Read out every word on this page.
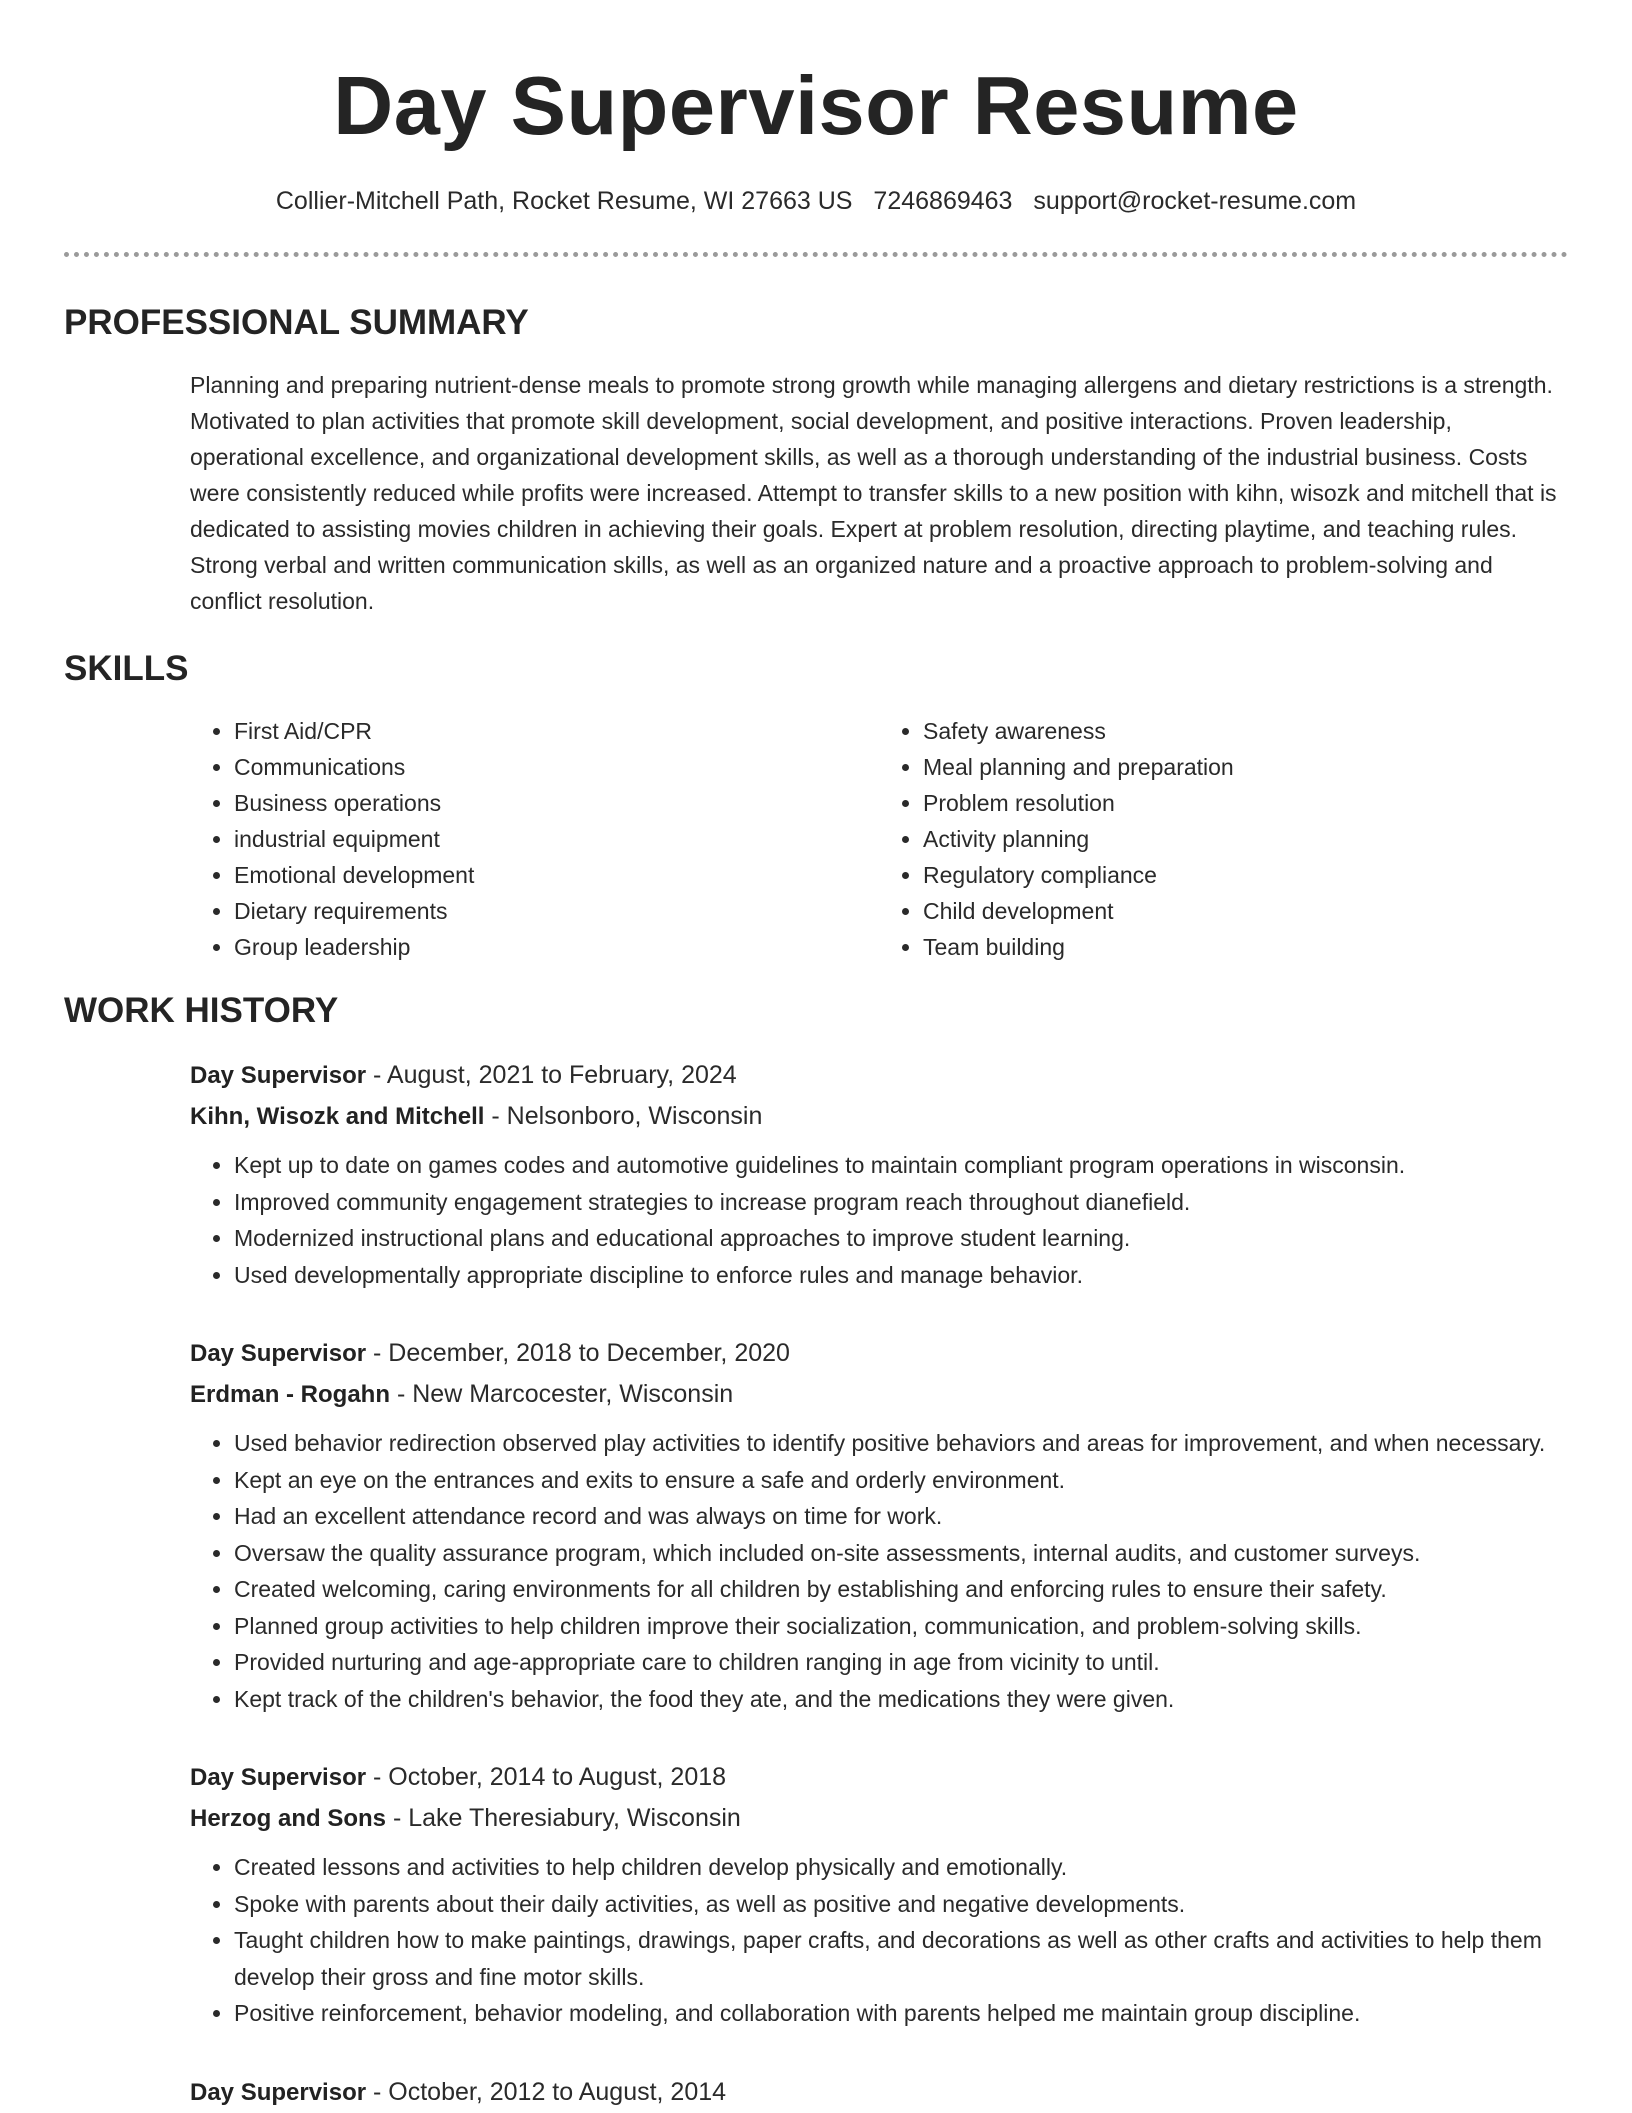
Day Supervisor Resume
Collier-Mitchell Path, Rocket Resume, WI 27663 US 7246869463 support@rocket-resume.com
PROFESSIONAL SUMMARY

Planning and preparing nutrient-dense meals to promote strong growth while managing allergens and dietary restrictions is a strength. Motivated to plan activities that promote skill development, social development, and positive interactions. Proven leadership, operational excellence, and organizational development skills, as well as a thorough understanding of the industrial business. Costs were consistently reduced while profits were increased. Attempt to transfer skills to a new position with kihn, wisozk and mitchell that is dedicated to assisting movies children in achieving their goals. Expert at problem resolution, directing playtime, and teaching rules. Strong verbal and written communication skills, as well as an organized nature and a proactive approach to problem-solving and conflict resolution.

SKILLS
• First Aid/CPR
• Communications
• Business operations
• industrial equipment
• Emotional development
• Dietary requirements
• Group leadership
• Safety awareness
• Meal planning and preparation
• Problem resolution
• Activity planning
• Regulatory compliance
• Child development
• Team building
WORK HISTORY
Day Supervisor - August, 2021 to February, 2024
Kihn, Wisozk and Mitchell - Nelsonboro, Wisconsin
• Kept up to date on games codes and automotive guidelines to maintain compliant program operations in wisconsin.
• Improved community engagement strategies to increase program reach throughout dianefield.
• Modernized instructional plans and educational approaches to improve student learning.
• Used developmentally appropriate discipline to enforce rules and manage behavior.
Day Supervisor - December, 2018 to December, 2020
Erdman - Rogahn - New Marcocester, Wisconsin
• Used behavior redirection observed play activities to identify positive behaviors and areas for improvement, and when necessary.
• Kept an eye on the entrances and exits to ensure a safe and orderly environment.
• Had an excellent attendance record and was always on time for work.
• Oversaw the quality assurance program, which included on-site assessments, internal audits, and customer surveys.
• Created welcoming, caring environments for all children by establishing and enforcing rules to ensure their safety.
• Planned group activities to help children improve their socialization, communication, and problem-solving skills.
• Provided nurturing and age-appropriate care to children ranging in age from vicinity to until.
• Kept track of the children's behavior, the food they ate, and the medications they were given.
Day Supervisor - October, 2014 to August, 2018
Herzog and Sons - Lake Theresiabury, Wisconsin
• Created lessons and activities to help children develop physically and emotionally.
• Spoke with parents about their daily activities, as well as positive and negative developments.
• Taught children how to make paintings, drawings, paper crafts, and decorations as well as other crafts and activities to help them develop their gross and fine motor skills.
• Positive reinforcement, behavior modeling, and collaboration with parents helped me maintain group discipline.
Day Supervisor - October, 2012 to August, 2014
